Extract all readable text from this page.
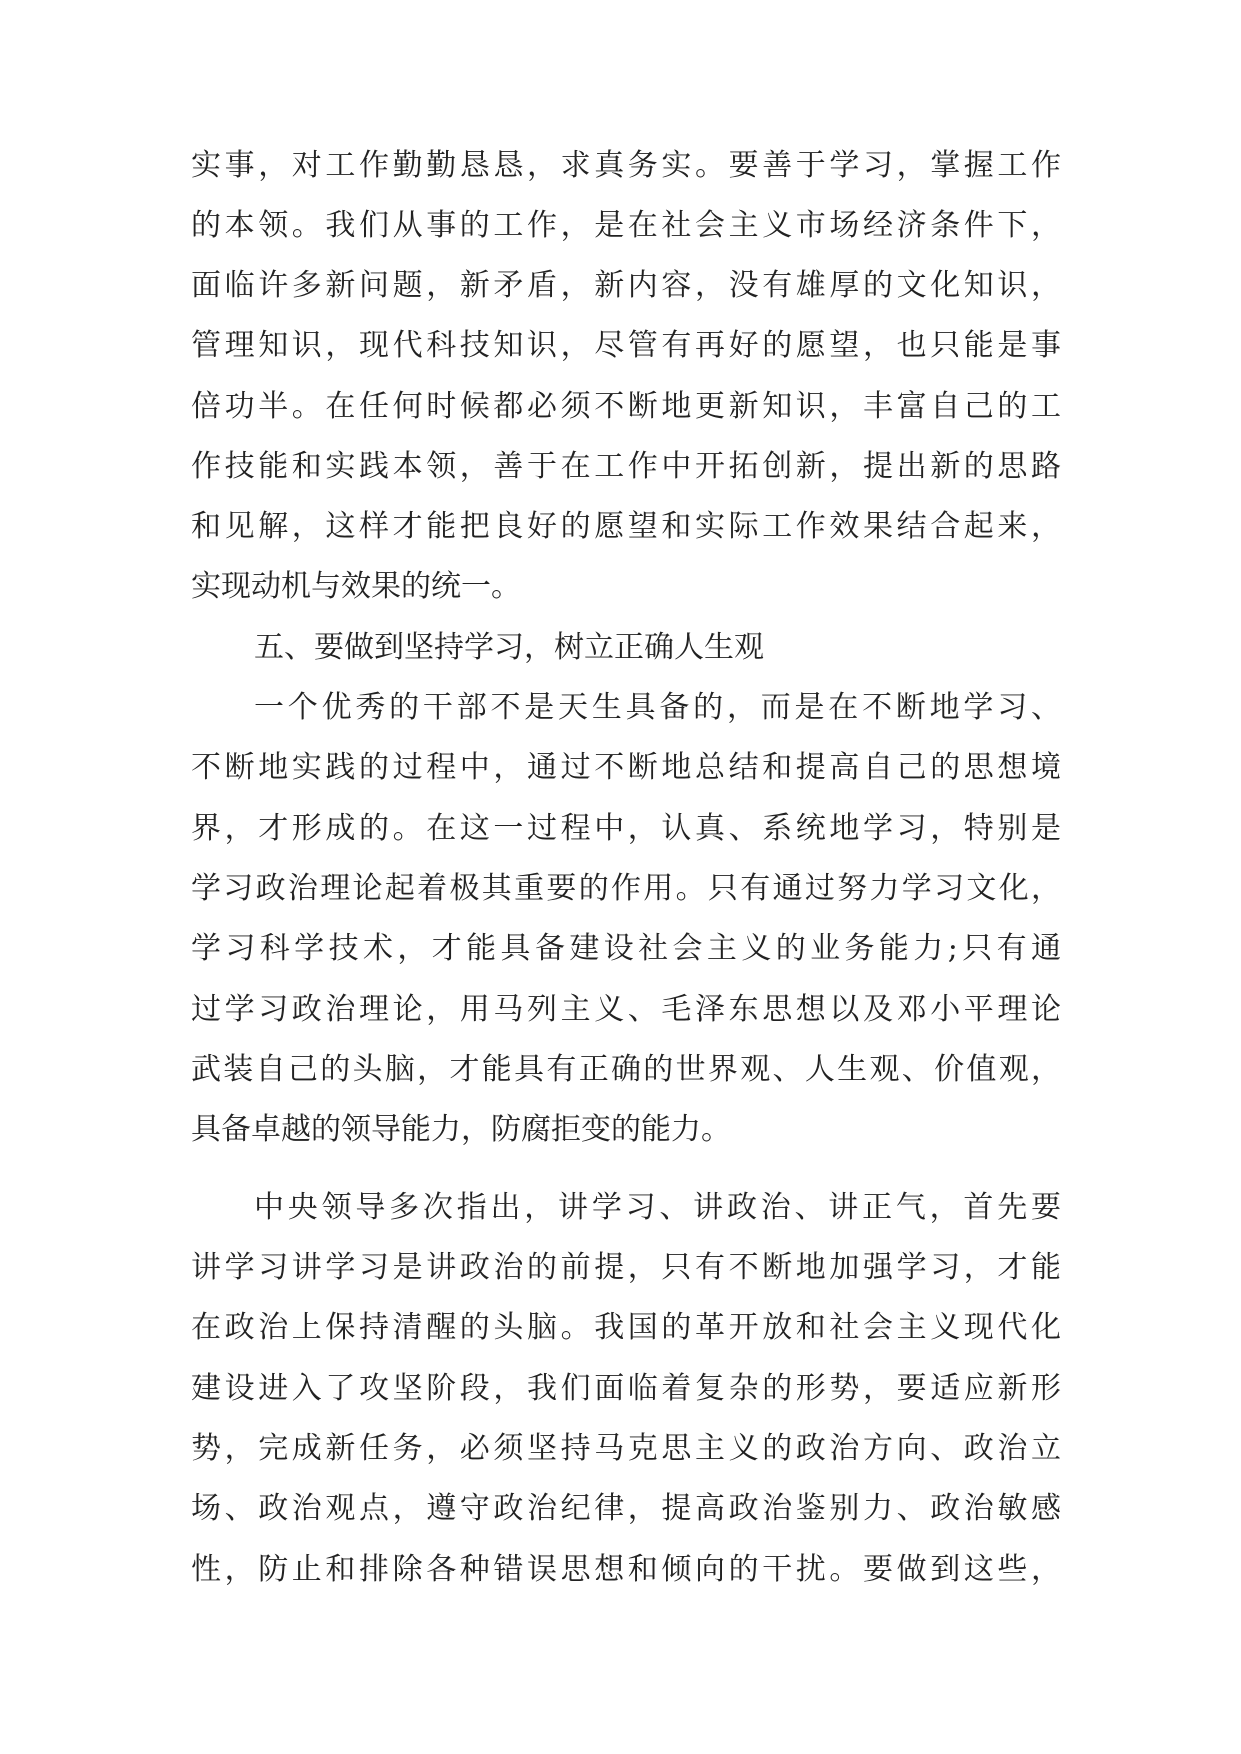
实事，对工作勤勤恳恳，求真务实。要善于学习，掌握工作
的本领。我们从事的工作，是在社会主义市场经济条件下，
面临许多新问题，新矛盾，新内容，没有雄厚的文化知识，
管理知识，现代科技知识，尽管有再好的愿望，也只能是事
倍功半。在任何时候都必须不断地更新知识，丰富自己的工
作技能和实践本领，善于在工作中开拓创新，提出新的思路
和见解，这样才能把良好的愿望和实际工作效果结合起来，
实现动机与效果的统一。
五、要做到坚持学习，树立正确人生观
一个优秀的干部不是天生具备的，而是在不断地学习、
不断地实践的过程中，通过不断地总结和提高自己的思想境
界，才形成的。在这一过程中，认真、系统地学习，特别是
学习政治理论起着极其重要的作用。只有通过努力学习文化，
学习科学技术，才能具备建设社会主义的业务能力;只有通
过学习政治理论，用马列主义、毛泽东思想以及邓小平理论
武装自己的头脑，才能具有正确的世界观、人生观、价值观，
具备卓越的领导能力，防腐拒变的能力。
中央领导多次指出，讲学习、讲政治、讲正气，首先要
讲学习讲学习是讲政治的前提，只有不断地加强学习，才能
在政治上保持清醒的头脑。我国的革开放和社会主义现代化
建设进入了攻坚阶段，我们面临着复杂的形势，要适应新形
势，完成新任务，必须坚持马克思主义的政治方向、政治立
场、政治观点，遵守政治纪律，提高政治鉴别力、政治敏感
性，防止和排除各种错误思想和倾向的干扰。要做到这些，
